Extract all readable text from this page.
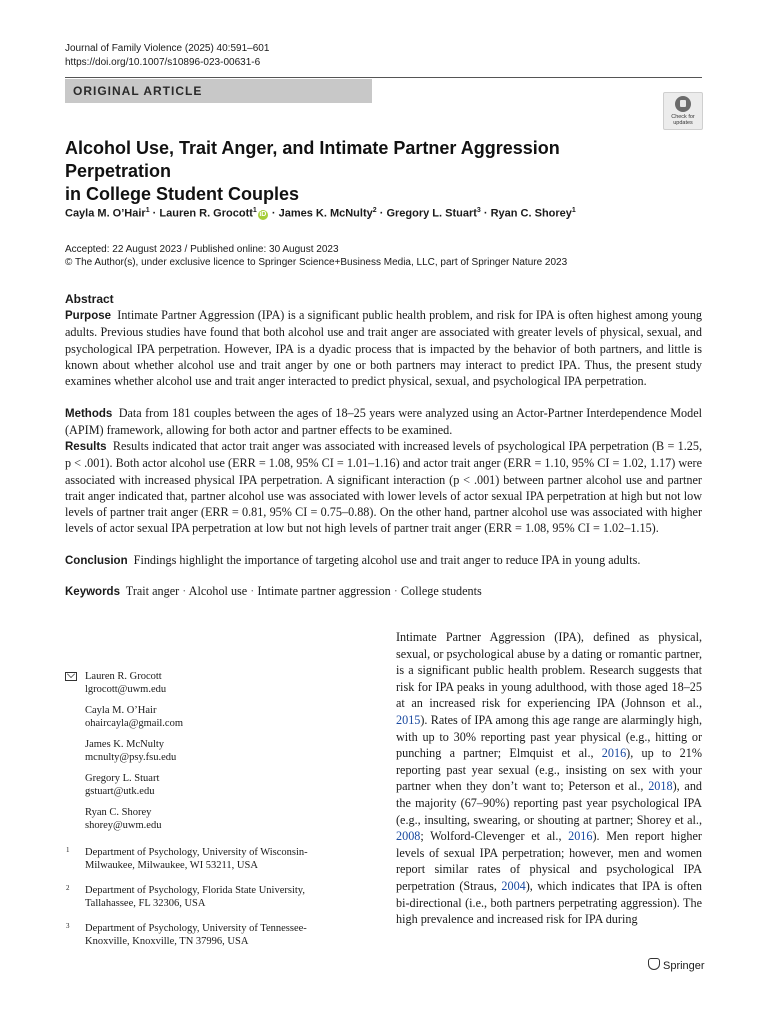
Journal of Family Violence (2025) 40:591–601
https://doi.org/10.1007/s10896-023-00631-6
ORIGINAL ARTICLE
Check for updates
Alcohol Use, Trait Anger, and Intimate Partner Aggression Perpetration
in College Student Couples
Cayla M. O’Hair$^1$ · Lauren R. Grocott$^1$iD · James K. McNulty$^2$ · Gregory L. Stuart$^3$ · Ryan C. Shorey$^1$
Accepted: 22 August 2023 / Published online: 30 August 2023
© The Author(s), under exclusive licence to Springer Science+Business Media, LLC, part of Springer Nature 2023
Abstract
Purpose Intimate Partner Aggression (IPA) is a significant public health problem, and risk for IPA is often highest among young adults. Previous studies have found that both alcohol use and trait anger are associated with greater levels of physical, sexual, and psychological IPA perpetration. However, IPA is a dyadic process that is impacted by the behavior of both partners, and little is known about whether alcohol use and trait anger by one or both partners may interact to predict IPA. Thus, the present study examines whether alcohol use and trait anger interacted to predict physical, sexual, and psychological IPA perpetration.
Methods Data from 181 couples between the ages of 18–25 years were analyzed using an Actor-Partner Interdependence Model (APIM) framework, allowing for both actor and partner effects to be examined.
Results Results indicated that actor trait anger was associated with increased levels of psychological IPA perpetration (B = 1.25, p < .001). Both actor alcohol use (ERR = 1.08, 95% CI = 1.01–1.16) and actor trait anger (ERR = 1.10, 95% CI = 1.02, 1.17) were associated with increased physical IPA perpetration. A significant interaction (p < .001) between partner alcohol use and partner trait anger indicated that, partner alcohol use was associated with lower levels of actor sexual IPA perpetration at high but not low levels of partner trait anger (ERR = 0.81, 95% CI = 0.75–0.88). On the other hand, partner alcohol use was associated with higher levels of actor sexual IPA perpetration at low but not high levels of partner trait anger (ERR = 1.08, 95% CI = 1.02–1.15).
Conclusion Findings highlight the importance of targeting alcohol use and trait anger to reduce IPA in young adults.
Keywords Trait anger · Alcohol use · Intimate partner aggression · College students
Lauren R. Grocott
lgrocott@uwm.edu
Cayla M. O’Hair
ohaircayla@gmail.com
James K. McNulty
mcnulty@psy.fsu.edu
Gregory L. Stuart
gstuart@utk.edu
Ryan C. Shorey
shorey@uwm.edu
1 Department of Psychology, University of Wisconsin-Milwaukee, Milwaukee, WI 53211, USA
2 Department of Psychology, Florida State University, Tallahassee, FL 32306, USA
3 Department of Psychology, University of Tennessee-Knoxville, Knoxville, TN 37996, USA
Intimate Partner Aggression (IPA), defined as physical, sexual, or psychological abuse by a dating or romantic partner, is a significant public health problem. Research suggests that risk for IPA peaks in young adulthood, with those aged 18–25 at an increased risk for experiencing IPA (Johnson et al., 2015). Rates of IPA among this age range are alarmingly high, with up to 30% reporting past year physical (e.g., hitting or punching a partner; Elmquist et al., 2016), up to 21% reporting past year sexual (e.g., insisting on sex with your partner when they don’t want to; Peterson et al., 2018), and the majority (67–90%) reporting past year psychological IPA (e.g., insulting, swearing, or shouting at partner; Shorey et al., 2008; Wolford-Clevenger et al., 2016). Men report higher levels of sexual IPA perpetration; however, men and women report similar rates of physical and psychological IPA perpetration (Straus, 2004), which indicates that IPA is often bi-directional (i.e., both partners perpetrating aggression). The high prevalence and increased risk for IPA during
Springer
